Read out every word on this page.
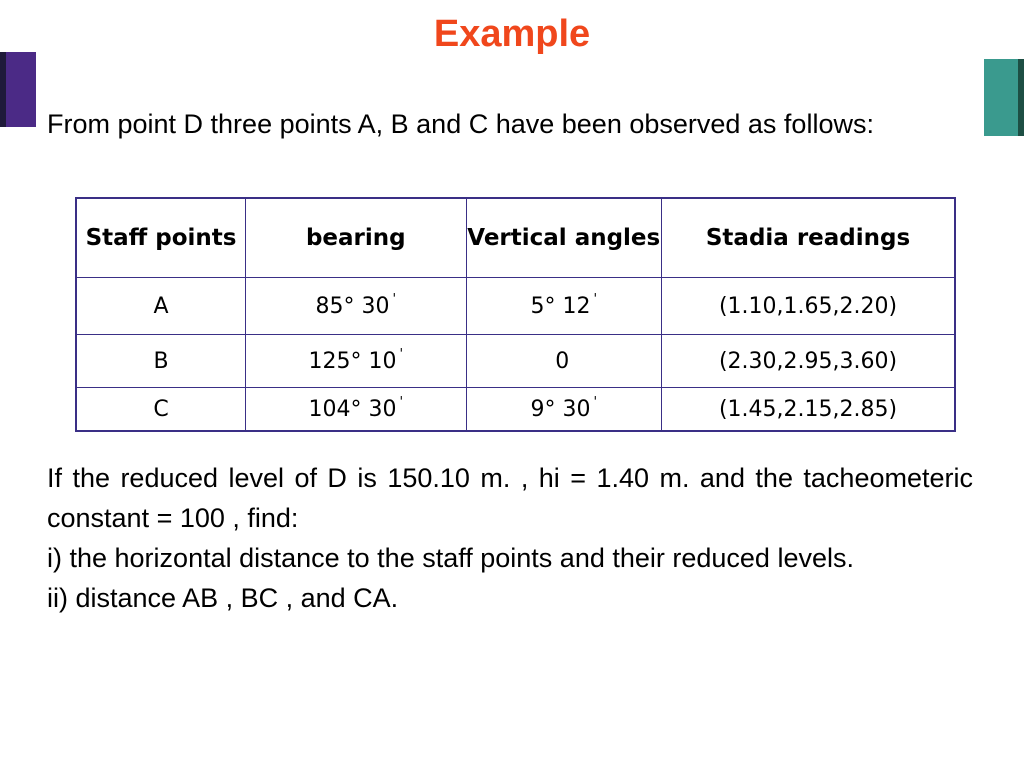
Example

From point D three points A, B and C have been observed as follows:

Staff points	bearing	Vertical angles	Stadia readings
A	85° 30 '	5° 12 '	(1.10,1.65,2.20)
B	125° 10 '	0	(2.30,2.95,3.60)
C	104° 30 '	9° 30 '	(1.45,2.15,2.85)
If the reduced level of D is 150.10 m. , hi = 1.40 m. and the tacheometeric constant = 100 , find:
i) the horizontal distance to the staff points and their reduced levels.
ii) distance AB , BC , and CA.
